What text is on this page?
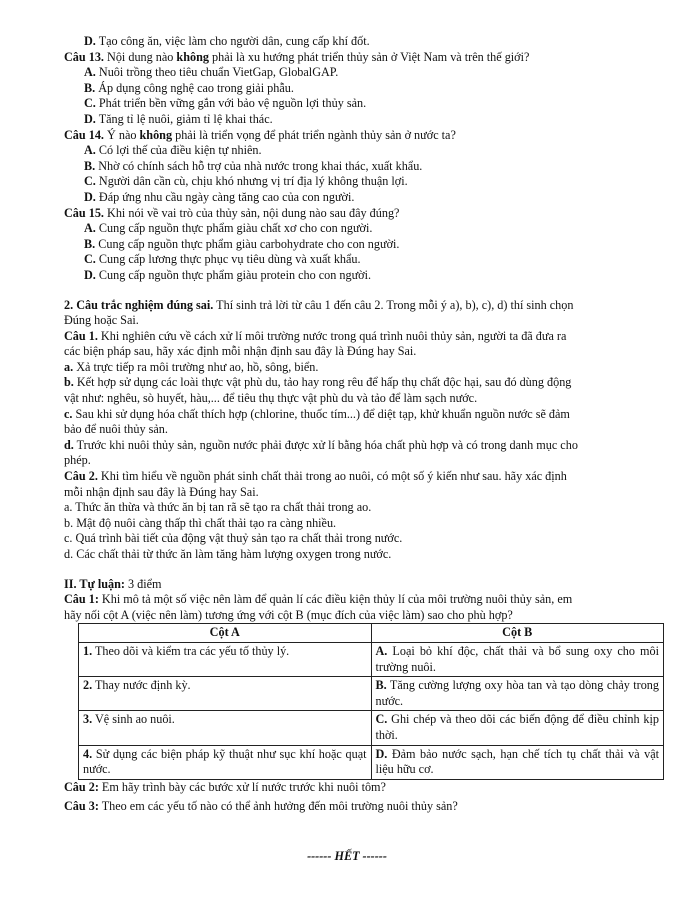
D. Tạo công ăn, việc làm cho người dân, cung cấp khí đốt.
Câu 13. Nội dung nào không phải là xu hướng phát triển thủy sản ở Việt Nam và trên thế giới?
A. Nuôi trồng theo tiêu chuẩn VietGap, GlobalGAP.
B. Áp dụng công nghệ cao trong giải phẫu.
C. Phát triển bền vững gắn với bảo vệ nguồn lợi thủy sản.
D. Tăng tỉ lệ nuôi, giảm tỉ lệ khai thác.
Câu 14. Ý nào không phải là triển vọng để phát triển ngành thủy sản ở nước ta?
A. Có lợi thế của điều kiện tự nhiên.
B. Nhờ có chính sách hỗ trợ của nhà nước trong khai thác, xuất khẩu.
C. Người dân cần cù, chịu khó nhưng vị trí địa lý không thuận lợi.
D. Đáp ứng nhu cầu ngày càng tăng cao của con người.
Câu 15. Khi nói về vai trò của thủy sản, nội dung nào sau đây đúng?
A. Cung cấp nguồn thực phẩm giàu chất xơ cho con người.
B. Cung cấp nguồn thực phẩm giàu carbohydrate cho con người.
C. Cung cấp lương thực phục vụ tiêu dùng và xuất khẩu.
D. Cung cấp nguồn thực phẩm giàu protein cho con người.
2. Câu trắc nghiệm đúng sai. Thí sinh trả lời từ câu 1 đến câu 2. Trong mỗi ý a), b), c), d) thí sinh chọn
Đúng hoặc Sai.
Câu 1. Khi nghiên cứu về cách xử lí môi trường nước trong quá trình nuôi thủy sản, người ta đã đưa ra
các biện pháp sau, hãy xác định mỗi nhận định sau đây là Đúng hay Sai.
a. Xả trực tiếp ra môi trường như ao, hồ, sông, biển.
b. Kết hợp sử dụng các loài thực vật phù du, tảo hay rong rêu để hấp thụ chất độc hại, sau đó dùng động
vật như: nghêu, sò huyết, hàu,... để tiêu thụ thực vật phù du và tảo để làm sạch nước.
c. Sau khi sử dụng hóa chất thích hợp (chlorine, thuốc tím...) để diệt tạp, khử khuẩn nguồn nước sẽ đảm
bảo để nuôi thủy sản.
d. Trước khi nuôi thủy sản, nguồn nước phải được xử lí bằng hóa chất phù hợp và có trong danh mục cho
phép.
Câu 2. Khi tìm hiểu về nguồn phát sinh chất thải trong ao nuôi, có một số ý kiến như sau. hãy xác định
mỗi nhận định sau đây là Đúng hay Sai.
a. Thức ăn thừa và thức ăn bị tan rã sẽ tạo ra chất thải trong ao.
b. Mật độ nuôi càng thấp thì chất thải tạo ra càng nhiều.
c. Quá trình bài tiết của động vật thuỷ sản tạo ra chất thải trong nước.
d. Các chất thải từ thức ăn làm tăng hàm lượng oxygen trong nước.
II. Tự luận: 3 điểm
Câu 1: Khi mô tả một số việc nên làm để quản lí các điều kiện thủy lí của môi trường nuôi thủy sản, em
hãy nối cột A (việc nên làm) tương ứng với cột B (mục đích của việc làm) sao cho phù hợp?
Cột A	Cột B
1. Theo dõi và kiểm tra các yếu tố thủy lý.	A. Loại bỏ khí độc, chất thải và bổ sung oxy cho môi trường nuôi.
2. Thay nước định kỳ.	B. Tăng cường lượng oxy hòa tan và tạo dòng chảy trong nước.
3. Vệ sinh ao nuôi.	C. Ghi chép và theo dõi các biến động để điều chỉnh kịp thời.
4. Sử dụng các biện pháp kỹ thuật như sục khí hoặc quạt nước.	D. Đảm bảo nước sạch, hạn chế tích tụ chất thải và vật liệu hữu cơ.
Câu 2: Em hãy trình bày các bước xử lí nước trước khi nuôi tôm?
Câu 3: Theo em các yếu tố nào có thể ảnh hưởng đến môi trường nuôi thủy sản?
------ HẾT ------
